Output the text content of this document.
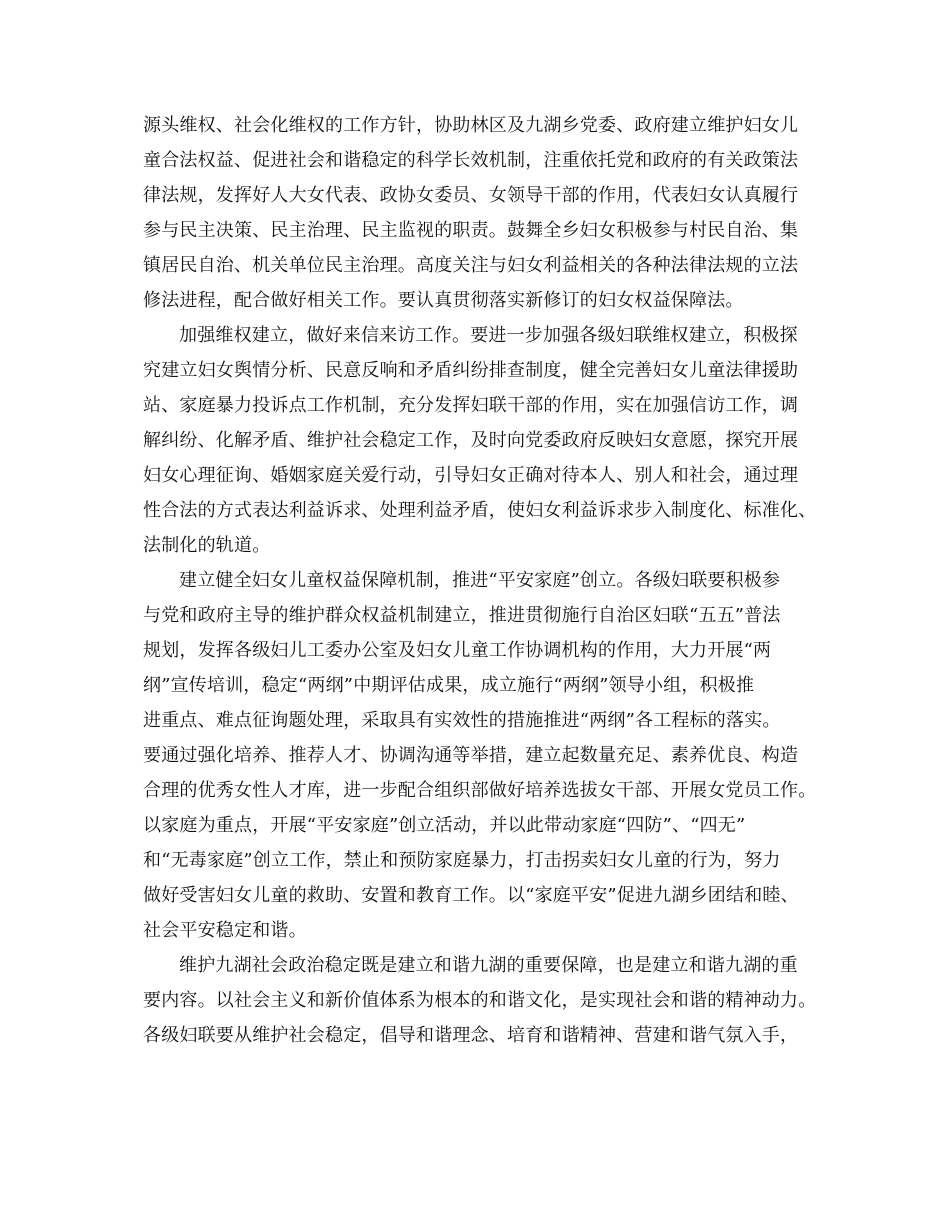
源头维权、社会化维权的工作方针，协助林区及九湖乡党委、政府建立维护妇女儿
童合法权益、促进社会和谐稳定的科学长效机制，注重依托党和政府的有关政策法
律法规，发挥好人大女代表、政协女委员、女领导干部的作用，代表妇女认真履行
参与民主决策、民主治理、民主监视的职责。鼓舞全乡妇女积极参与村民自治、集
镇居民自治、机关单位民主治理。高度关注与妇女利益相关的各种法律法规的立法
修法进程，配合做好相关工作。要认真贯彻落实新修订的妇女权益保障法。

加强维权建立，做好来信来访工作。要进一步加强各级妇联维权建立，积极探
究建立妇女舆情分析、民意反响和矛盾纠纷排查制度，健全完善妇女儿童法律援助
站、家庭暴力投诉点工作机制，充分发挥妇联干部的作用，实在加强信访工作，调
解纠纷、化解矛盾、维护社会稳定工作，及时向党委政府反映妇女意愿，探究开展
妇女心理征询、婚姻家庭关爱行动，引导妇女正确对待本人、别人和社会，通过理
性合法的方式表达利益诉求、处理利益矛盾，使妇女利益诉求步入制度化、标准化、
法制化的轨道。

建立健全妇女儿童权益保障机制，推进“平安家庭”创立。各级妇联要积极参
与党和政府主导的维护群众权益机制建立，推进贯彻施行自治区妇联“五五”普法
规划，发挥各级妇儿工委办公室及妇女儿童工作协调机构的作用，大力开展“两
纲”宣传培训，稳定“两纲”中期评估成果，成立施行“两纲”领导小组，积极推
进重点、难点征询题处理，采取具有实效性的措施推进“两纲”各工程标的落实。
要通过强化培养、推荐人才、协调沟通等举措，建立起数量充足、素养优良、构造
合理的优秀女性人才库，进一步配合组织部做好培养选拔女干部、开展女党员工作。
以家庭为重点，开展“平安家庭”创立活动，并以此带动家庭“四防”、“四无”
和“无毒家庭”创立工作，禁止和预防家庭暴力，打击拐卖妇女儿童的行为，努力
做好受害妇女儿童的救助、安置和教育工作。以“家庭平安”促进九湖乡团结和睦、
社会平安稳定和谐。

维护九湖社会政治稳定既是建立和谐九湖的重要保障，也是建立和谐九湖的重
要内容。以社会主义和新价值体系为根本的和谐文化，是实现社会和谐的精神动力。
各级妇联要从维护社会稳定，倡导和谐理念、培育和谐精神、营建和谐气氛入手，
